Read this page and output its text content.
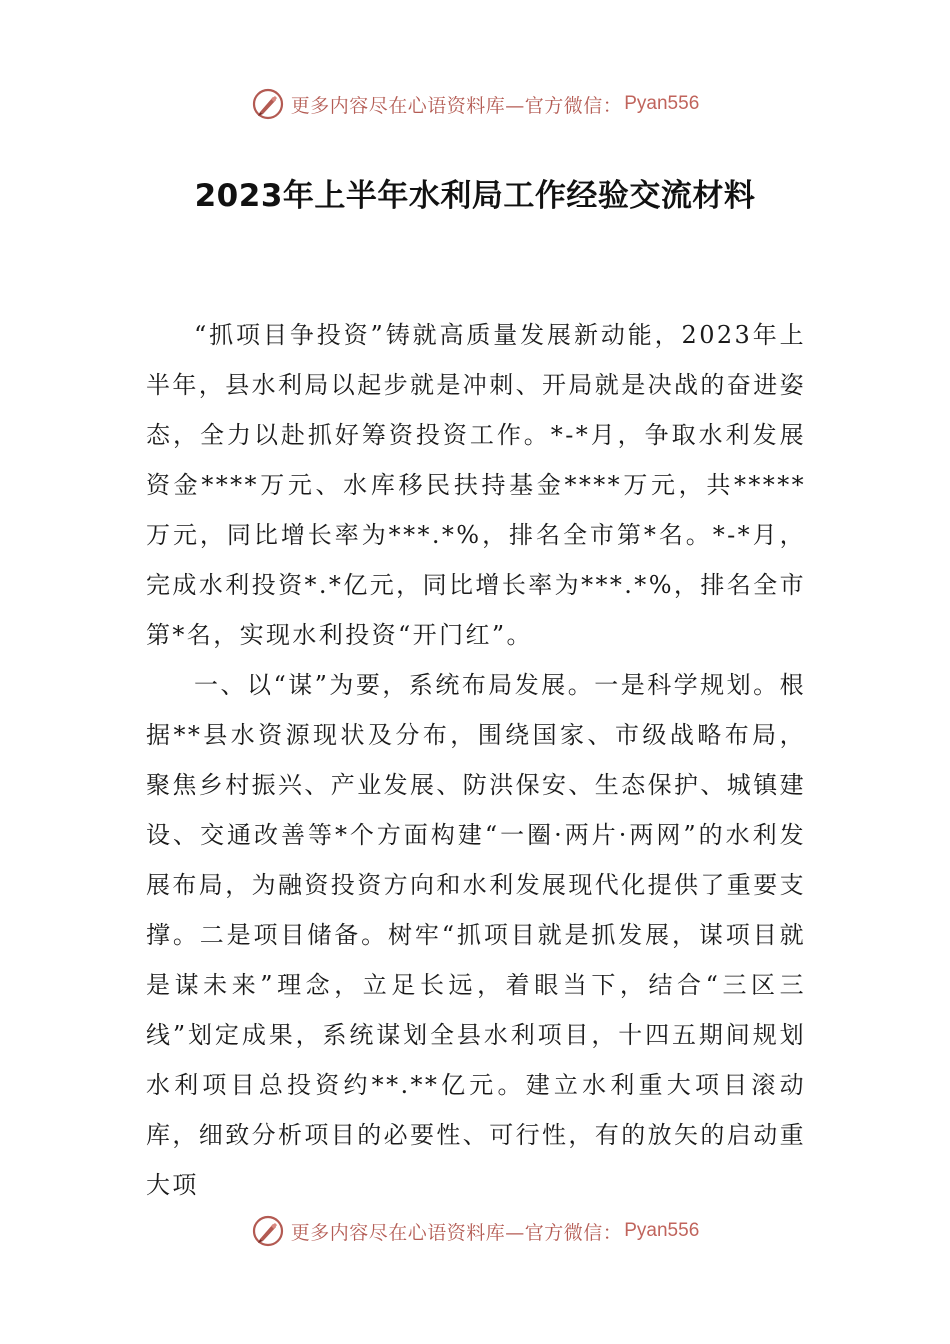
更多内容尽在心语资料库—官方微信： Pyan556
2023年上半年水利局工作经验交流材料

“抓项目争投资”铸就高质量发展新动能，2023年上半年，县水利局以起步就是冲刺、开局就是决战的奋进姿态，全力以赴抓好筹资投资工作。*-*月，争取水利发展资金****万元、水库移民扶持基金****万元，共*****万元，同比增长率为***.*%，排名全市第*名。*-*月，完成水利投资*.*亿元，同比增长率为***.*%，排名全市第*名，实现水利投资“开门红”。

一、以“谋”为要，系统布局发展。一是科学规划。根据**县水资源现状及分布，围绕国家、市级战略布局，聚焦乡村振兴、产业发展、防洪保安、生态保护、城镇建设、交通改善等*个方面构建“一圈·两片·两网”的水利发展布局，为融资投资方向和水利发展现代化提供了重要支撑。二是项目储备。树牢“抓项目就是抓发展，谋项目就是谋未来”理念，立足长远，着眼当下，结合“三区三线”划定成果，系统谋划全县水利项目，十四五期间规划水利项目总投资约**.**亿元。建立水利重大项目滚动库，细致分析项目的必要性、可行性，有的放矢的启动重大项

更多内容尽在心语资料库—官方微信： Pyan556
